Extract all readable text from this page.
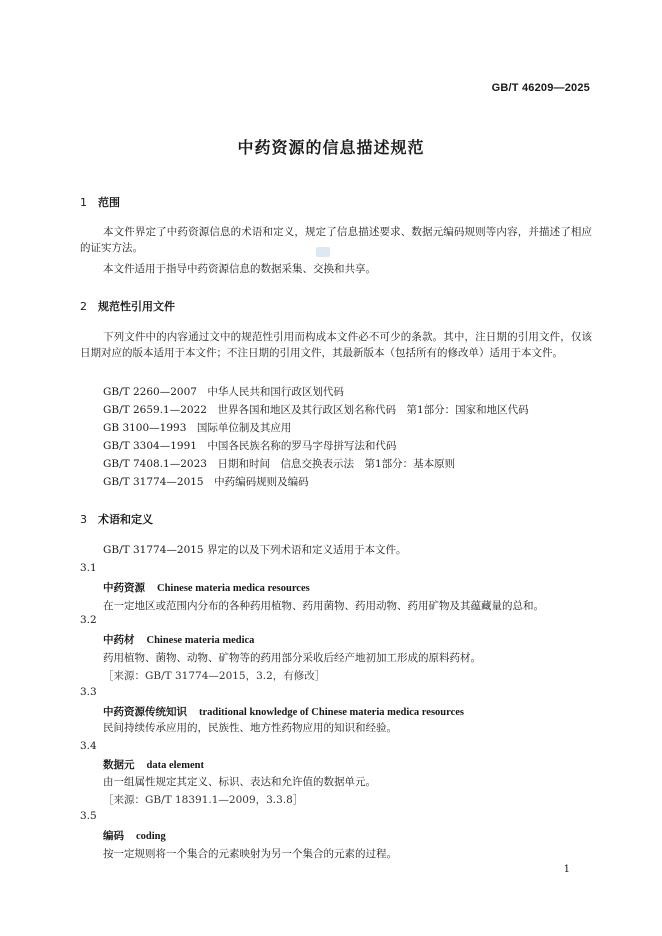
GB/T 46209—2025
中药资源的信息描述规范
1 范围
本文件界定了中药资源信息的术语和定义，规定了信息描述要求、数据元编码规则等内容，并描述了相应的证实方法。
本文件适用于指导中药资源信息的数据采集、交换和共享。
2 规范性引用文件
下列文件中的内容通过文中的规范性引用而构成本文件必不可少的条款。其中，注日期的引用文件，仅该日期对应的版本适用于本文件；不注日期的引用文件，其最新版本（包括所有的修改单）适用于本文件。
GB/T 2260—2007　中华人民共和国行政区划代码
GB/T 2659.1—2022　世界各国和地区及其行政区划名称代码　第1部分：国家和地区代码
GB 3100—1993　国际单位制及其应用
GB/T 3304—1991　中国各民族名称的罗马字母拼写法和代码
GB/T 7408.1—2023　日期和时间　信息交换表示法　第1部分：基本原则
GB/T 31774—2015　中药编码规则及编码
3 术语和定义
GB/T 31774—2015 界定的以及下列术语和定义适用于本文件。
3.1
中药资源 Chinese materia medica resources
在一定地区或范围内分布的各种药用植物、药用菌物、药用动物、药用矿物及其蕴藏量的总和。
3.2
中药材 Chinese materia medica
药用植物、菌物、动物、矿物等的药用部分采收后经产地初加工形成的原料药材。
［来源：GB/T 31774—2015，3.2，有修改］
3.3
中药资源传统知识 traditional knowledge of Chinese materia medica resources
民间持续传承应用的，民族性、地方性药物应用的知识和经验。
3.4
数据元 data element
由一组属性规定其定义、标识、表达和允许值的数据单元。
［来源：GB/T 18391.1—2009，3.3.8］
3.5
编码 coding
按一定规则将一个集合的元素映射为另一个集合的元素的过程。
1
